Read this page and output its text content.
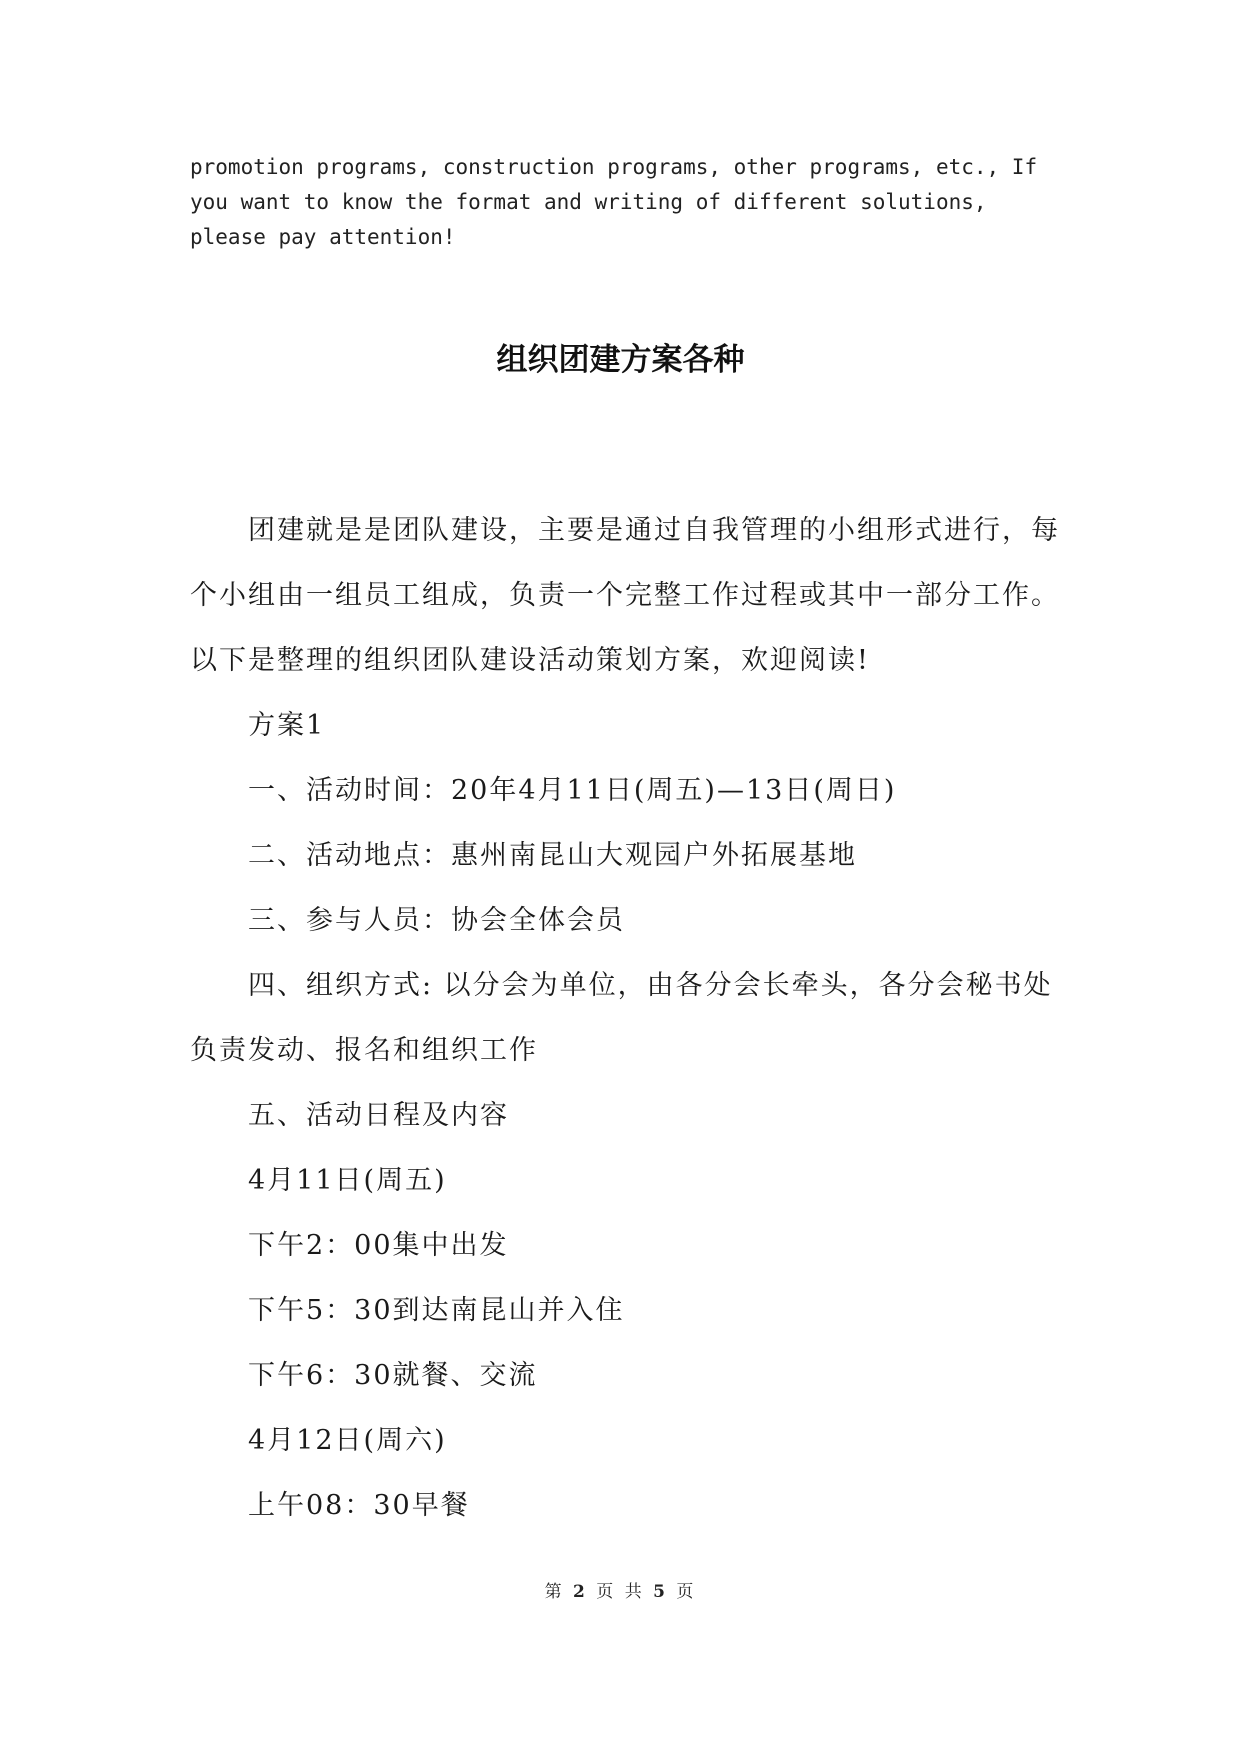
promotion programs, construction programs, other programs, etc., If you want to know the format and writing of different solutions, please pay attention!

组织团建方案各种

团建就是是团队建设，主要是通过自我管理的小组形式进行，每个小组由一组员工组成，负责一个完整工作过程或其中一部分工作。以下是整理的组织团队建设活动策划方案，欢迎阅读!

方案1

一、活动时间：20年4月11日(周五)—13日(周日)

二、活动地点：惠州南昆山大观园户外拓展基地

三、参与人员：协会全体会员

四、组织方式: 以分会为单位，由各分会长牵头，各分会秘书处负责发动、报名和组织工作

五、活动日程及内容

4月11日(周五)

下午2：00集中出发

下午5：30到达南昆山并入住

下午6：30就餐、交流

4月12日(周六)

上午08：30早餐

第 2 页 共 5 页
